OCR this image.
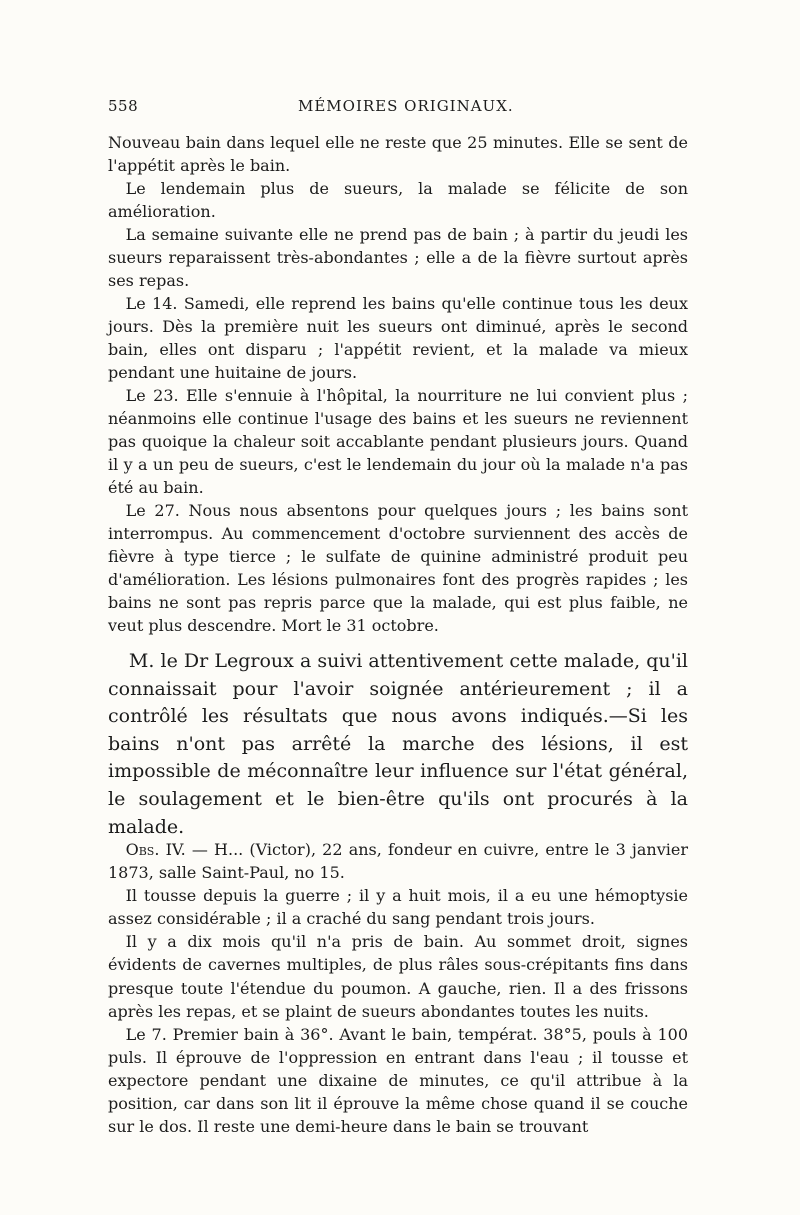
558	MÉMOIRES ORIGINAUX.

Nouveau bain dans lequel elle ne reste que 25 minutes. Elle se sent de l'appétit après le bain.

Le lendemain plus de sueurs, la malade se félicite de son amélioration.

La semaine suivante elle ne prend pas de bain ; à partir du jeudi les sueurs reparaissent très-abondantes ; elle a de la fièvre surtout après ses repas.

Le 14. Samedi, elle reprend les bains qu'elle continue tous les deux jours. Dès la première nuit les sueurs ont diminué, après le second bain, elles ont disparu ; l'appétit revient, et la malade va mieux pendant une huitaine de jours.

Le 23. Elle s'ennuie à l'hôpital, la nourriture ne lui convient plus ; néanmoins elle continue l'usage des bains et les sueurs ne reviennent pas quoique la chaleur soit accablante pendant plusieurs jours. Quand il y a un peu de sueurs, c'est le lendemain du jour où la malade n'a pas été au bain.

Le 27. Nous nous absentons pour quelques jours ; les bains sont interrompus. Au commencement d'octobre surviennent des accès de fièvre à type tierce ; le sulfate de quinine administré produit peu d'amélioration. Les lésions pulmonaires font des progrès rapides ; les bains ne sont pas repris parce que la malade, qui est plus faible, ne veut plus descendre. Mort le 31 octobre.

M. le Dr Legroux a suivi attentivement cette malade, qu'il connaissait pour l'avoir soignée antérieurement ; il a contrôlé les résultats que nous avons indiqués.—Si les bains n'ont pas arrêté la marche des lésions, il est impossible de méconnaître leur influence sur l'état général, le soulagement et le bien-être qu'ils ont procurés à la malade.

Obs. IV. — H... (Victor), 22 ans, fondeur en cuivre, entre le 3 janvier 1873, salle Saint-Paul, no 15.

Il tousse depuis la guerre ; il y a huit mois, il a eu une hémoptysie assez considérable ; il a craché du sang pendant trois jours.

Il y a dix mois qu'il n'a pris de bain. Au sommet droit, signes évidents de cavernes multiples, de plus râles sous-crépitants fins dans presque toute l'étendue du poumon. A gauche, rien. Il a des frissons après les repas, et se plaint de sueurs abondantes toutes les nuits.

Le 7. Premier bain à 36°. Avant le bain, températ. 38°5, pouls à 100 puls. Il éprouve de l'oppression en entrant dans l'eau ; il tousse et expectore pendant une dixaine de minutes, ce qu'il attribue à la position, car dans son lit il éprouve la même chose quand il se couche sur le dos. Il reste une demi-heure dans le bain se trouvant
